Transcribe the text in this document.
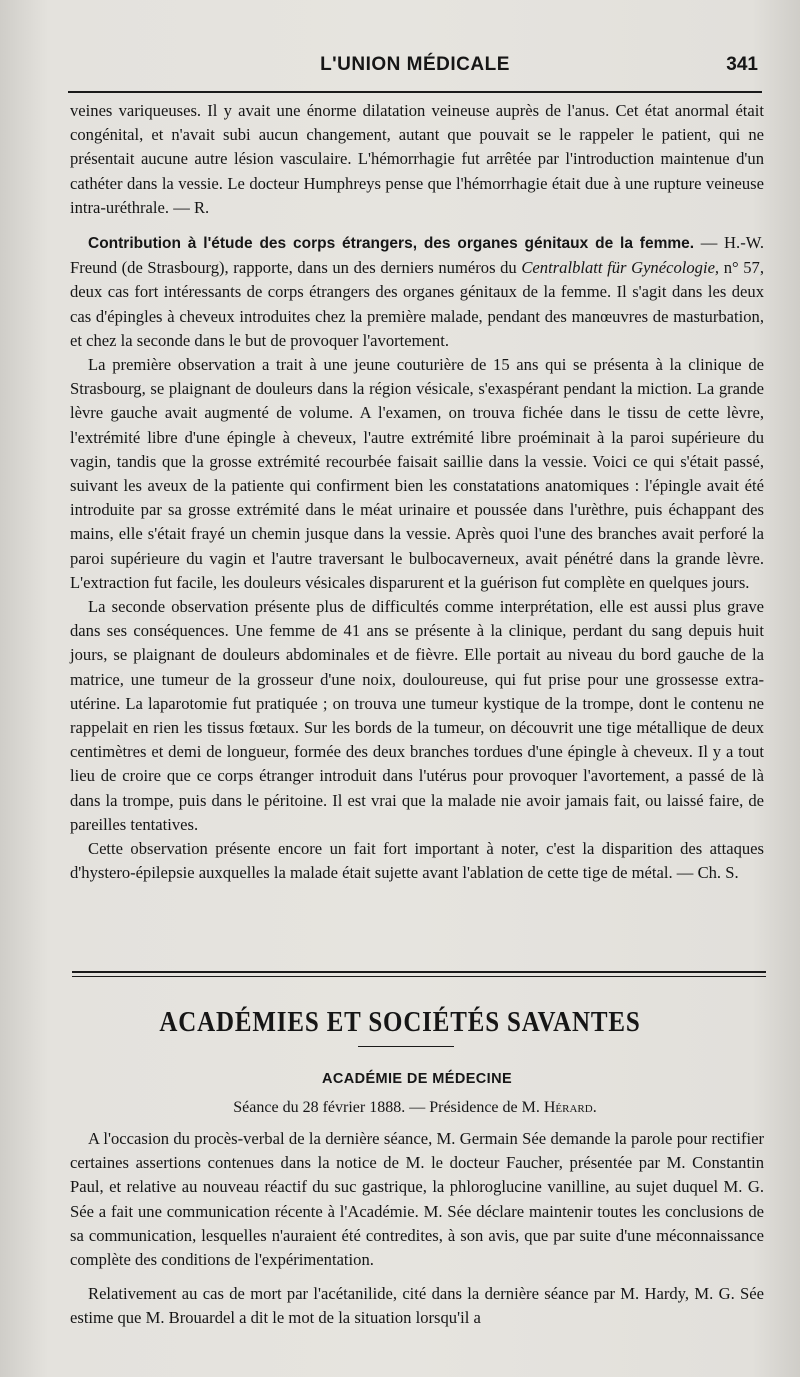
L'UNION MÉDICALE	341

veines variqueuses. Il y avait une énorme dilatation veineuse auprès de l'anus. Cet état anormal était congénital, et n'avait subi aucun changement, autant que pouvait se le rappeler le patient, qui ne présentait aucune autre lésion vasculaire. L'hémorrhagie fut arrêtée par l'introduction maintenue d'un cathéter dans la vessie. Le docteur Humphreys pense que l'hémorrhagie était due à une rupture veineuse intra-uréthrale. — R.

Contribution à l'étude des corps étrangers, des organes génitaux de la femme. — H.-W. Freund (de Strasbourg), rapporte, dans un des derniers numéros du Centralblatt für Gynécologie, n° 57, deux cas fort intéressants de corps étrangers des organes génitaux de la femme. Il s'agit dans les deux cas d'épingles à cheveux introduites chez la première malade, pendant des manœuvres de masturbation, et chez la seconde dans le but de provoquer l'avortement.

La première observation a trait à une jeune couturière de 15 ans qui se présenta à la clinique de Strasbourg, se plaignant de douleurs dans la région vésicale, s'exaspérant pendant la miction. La grande lèvre gauche avait augmenté de volume. A l'examen, on trouva fichée dans le tissu de cette lèvre, l'extrémité libre d'une épingle à cheveux, l'autre extrémité libre proéminait à la paroi supérieure du vagin, tandis que la grosse extrémité recourbée faisait saillie dans la vessie. Voici ce qui s'était passé, suivant les aveux de la patiente qui confirment bien les constatations anatomiques : l'épingle avait été introduite par sa grosse extrémité dans le méat urinaire et poussée dans l'urèthre, puis échappant des mains, elle s'était frayé un chemin jusque dans la vessie. Après quoi l'une des branches avait perforé la paroi supérieure du vagin et l'autre traversant le bulbocaverneux, avait pénétré dans la grande lèvre. L'extraction fut facile, les douleurs vésicales disparurent et la guérison fut complète en quelques jours.

La seconde observation présente plus de difficultés comme interprétation, elle est aussi plus grave dans ses conséquences. Une femme de 41 ans se présente à la clinique, perdant du sang depuis huit jours, se plaignant de douleurs abdominales et de fièvre. Elle portait au niveau du bord gauche de la matrice, une tumeur de la grosseur d'une noix, douloureuse, qui fut prise pour une grossesse extra-utérine. La laparotomie fut pratiquée ; on trouva une tumeur kystique de la trompe, dont le contenu ne rappelait en rien les tissus fœtaux. Sur les bords de la tumeur, on découvrit une tige métallique de deux centimètres et demi de longueur, formée des deux branches tordues d'une épingle à cheveux. Il y a tout lieu de croire que ce corps étranger introduit dans l'utérus pour provoquer l'avortement, a passé de là dans la trompe, puis dans le péritoine. Il est vrai que la malade nie avoir jamais fait, ou laissé faire, de pareilles tentatives.

Cette observation présente encore un fait fort important à noter, c'est la disparition des attaques d'hystero-épilepsie auxquelles la malade était sujette avant l'ablation de cette tige de métal. — Ch. S.

ACADÉMIES ET SOCIÉTÉS SAVANTES
ACADÉMIE DE MÉDECINE
Séance du 28 février 1888. — Présidence de M. Hérard.

A l'occasion du procès-verbal de la dernière séance, M. Germain Sée demande la parole pour rectifier certaines assertions contenues dans la notice de M. le docteur Faucher, présentée par M. Constantin Paul, et relative au nouveau réactif du suc gastrique, la phloroglucine vanilline, au sujet duquel M. G. Sée a fait une communication récente à l'Académie. M. Sée déclare maintenir toutes les conclusions de sa communication, lesquelles n'auraient été contredites, à son avis, que par suite d'une méconnaissance complète des conditions de l'expérimentation.

Relativement au cas de mort par l'acétanilide, cité dans la dernière séance par M. Hardy, M. G. Sée estime que M. Brouardel a dit le mot de la situation lorsqu'il a
